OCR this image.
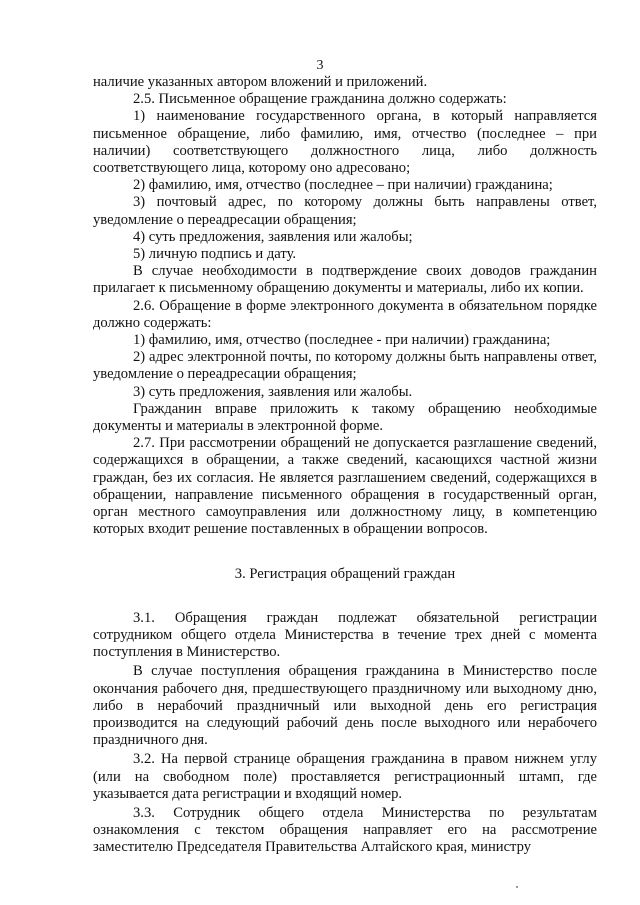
3

наличие указанных автором вложений и приложений.

2.5. Письменное обращение гражданина должно содержать:

1) наименование государственного органа, в который направляется письменное обращение, либо фамилию, имя, отчество (последнее – при наличии) соответствующего должностного лица, либо должность соответствующего лица, которому оно адресовано;

2) фамилию, имя, отчество (последнее – при наличии) гражданина;

3) почтовый адрес, по которому должны быть направлены ответ, уведомление о переадресации обращения;

4) суть предложения, заявления или жалобы;

5) личную подпись и дату.

В случае необходимости в подтверждение своих доводов гражданин прилагает к письменному обращению документы и материалы, либо их копии.

2.6. Обращение в форме электронного документа в обязательном порядке должно содержать:

1) фамилию, имя, отчество (последнее - при наличии) гражданина;

2) адрес электронной почты, по которому должны быть направлены ответ, уведомление о переадресации обращения;

3) суть предложения, заявления или жалобы.

Гражданин вправе приложить к такому обращению необходимые документы и материалы в электронной форме.

2.7. При рассмотрении обращений не допускается разглашение сведений, содержащихся в обращении, а также сведений, касающихся частной жизни граждан, без их согласия. Не является разглашением сведений, содержащихся в обращении, направление письменного обращения в государственный орган, орган местного самоуправления или должностному лицу, в компетенцию которых входит решение поставленных в обращении вопросов.

3. Регистрация обращений граждан

3.1. Обращения граждан подлежат обязательной регистрации сотрудником общего отдела Министерства в течение трех дней с момента поступления в Министерство.

В случае поступления обращения гражданина в Министерство после окончания рабочего дня, предшествующего праздничному или выходному дню, либо в нерабочий праздничный или выходной день его регистрация производится на следующий рабочий день после выходного или нерабочего праздничного дня.

3.2. На первой странице обращения гражданина в правом нижнем углу (или на свободном поле) проставляется регистрационный штамп, где указывается дата регистрации и входящий номер.

3.3. Сотрудник общего отдела Министерства по результатам ознакомления с текстом обращения направляет его на рассмотрение заместителю Председателя Правительства Алтайского края, министру
